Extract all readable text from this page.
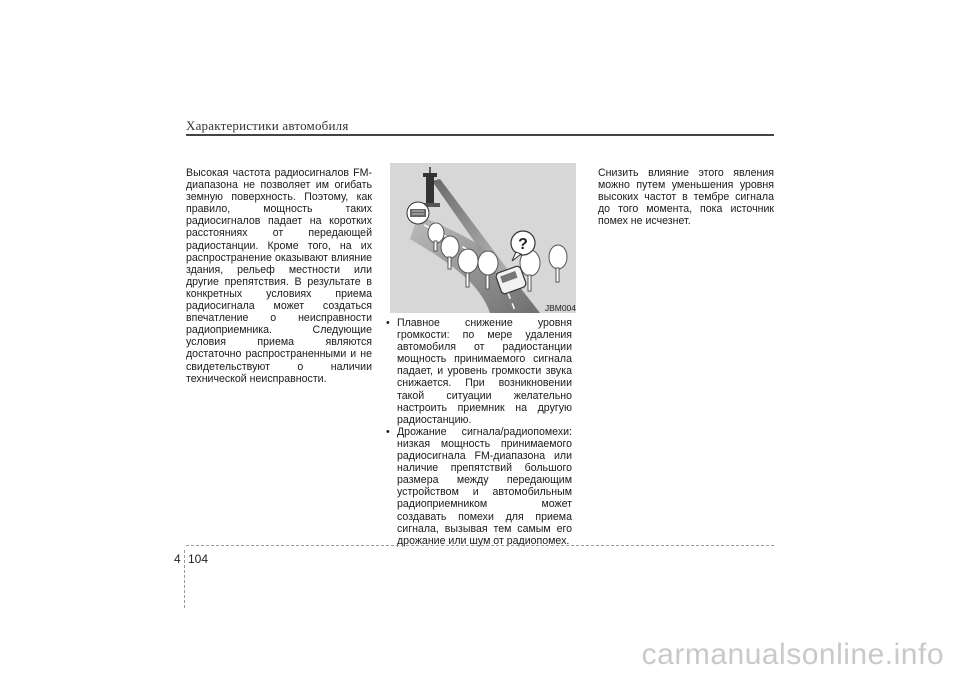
Характеристики автомобиля

Высокая частота радиосигналов FM-диапазона не позволяет им огибать земную поверхность. Поэтому, как правило, мощность таких радиосигналов падает на коротких расстояниях от передающей радиостанции. Кроме того, на их распространение оказывают влияние здания, рельеф местности или другие препятствия. В результате в конкретных условиях приема радиосигнала может создаться впечатление о неисправности радиоприемника. Следующие условия приема являются достаточно распространенными и не свидетельствуют о наличии технической неисправности.

?
JBM004

• Плавное снижение уровня громкости: по мере удаления автомобиля от радиостанции мощность принимаемого сигнала падает, и уровень громкости звука снижается. При возникновении такой ситуации желательно настроить приемник на другую радиостанцию.

• Дрожание сигнала/радиопомехи: низкая мощность принимаемого радиосигнала FM-диапазона или наличие препятствий большого размера между передающим устройством и автомобильным радиоприемником может создавать помехи для приема сигнала, вызывая тем самым его дрожание или шум от радиопомех.

Снизить влияние этого явления можно путем уменьшения уровня высоких частот в тембре сигнала до того момента, пока источник помех не исчезнет.

4 104
carmanualsonline.info
